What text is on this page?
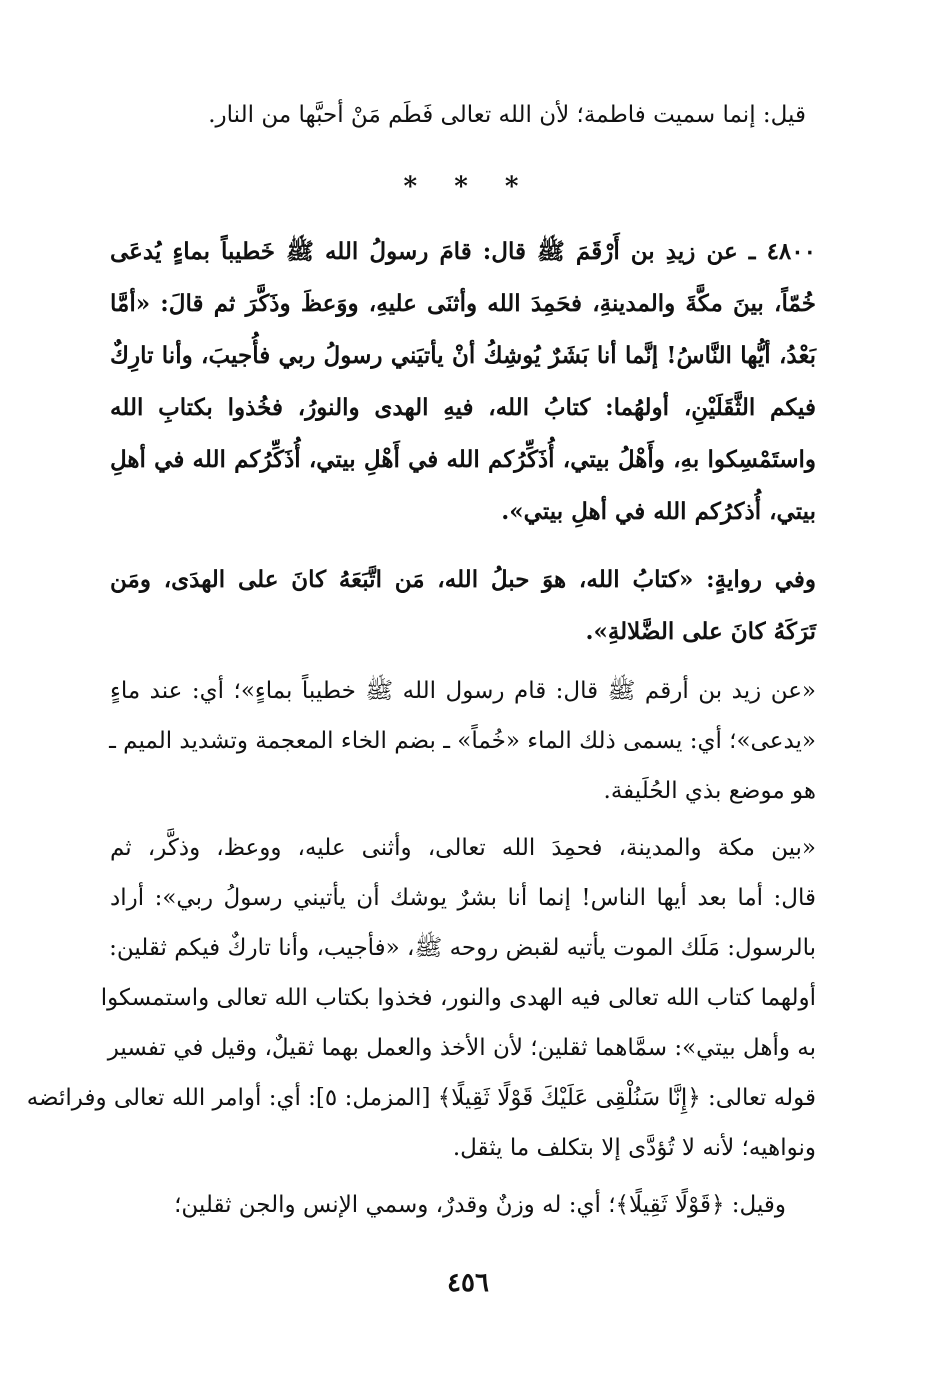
قيل: إنما سميت فاطمة؛ لأن الله تعالى فَطَم مَنْ أحبَّها من النار.
* * *
٤٨٠٠ ـ عن زيدِ بن أَرْقَمَ ﷺ قال: قامَ رسولُ الله ﷺ خَطيباً بماءٍ يُدعَى
خُمّاً، بينَ مكَّةَ والمدينةِ، فحَمِدَ الله وأثنَى عليهِ، ووَعظَ وذَكَّرَ ثم قالَ: «أمَّا
بَعْدُ، أيُّها النَّاسُ! إنَّما أنا بَشَرٌ يُوشِكُ أنْ يأتيَني رسولُ ربي فأُجيبَ، وأنا تارِكٌ
فيكم الثَّقَلَيْنِ، أولهُما: كتابُ الله، فيهِ الهدى والنورُ، فخُذوا بكتابِ الله
واستَمْسِكوا بهِ، وأَهْلُ بيتي، أُذَكِّرُكم الله في أَهْلِ بيتي، أُذَكِّرُكم الله في أهلِ
بيتي، أُذكرُكم الله في أهلِ بيتي».
وفي روايةٍ: «كتابُ الله، هوَ حبلُ الله، مَن اتَّبَعَهُ كانَ على الهدَى، ومَن
تَرَكَهُ كانَ على الضَّلالةِ».
«عن زيد بن أرقم ﷺ قال: قام رسول الله ﷺ خطيباً بماءٍ»؛ أي: عند ماءٍ
«يدعى»؛ أي: يسمى ذلك الماء «خُماً» ـ بضم الخاء المعجمة وتشديد الميم ـ
هو موضع بذي الحُلَيفة.
«بين مكة والمدينة، فحمِدَ الله تعالى، وأثنى عليه، ووعظ، وذكَّر، ثم
قال: أما بعد أيها الناس! إنما أنا بشرٌ يوشك أن يأتيني رسولُ ربي»: أراد
بالرسول: مَلَك الموت يأتيه لقبض روحه ﷺ، «فأجيب، وأنا تاركٌ فيكم ثقلين:
أولهما كتاب الله تعالى فيه الهدى والنور، فخذوا بكتاب الله تعالى واستمسكوا
به وأهل بيتي»: سمَّاهما ثقلين؛ لأن الأخذ والعمل بهما ثقيلٌ، وقيل في تفسير
قوله تعالى: ﴿إِنَّا سَنُلْقِى عَلَيْكَ قَوْلًا ثَقِيلًا﴾ [المزمل: ٥]: أي: أوامر الله تعالى وفرائضه
ونواهيه؛ لأنه لا تُؤدَّى إلا بتكلف ما يثقل.
وقيل: ﴿قَوْلًا ثَقِيلًا﴾؛ أي: له وزنٌ وقدرٌ، وسمي الإنس والجن ثقلين؛
٤٥٦
